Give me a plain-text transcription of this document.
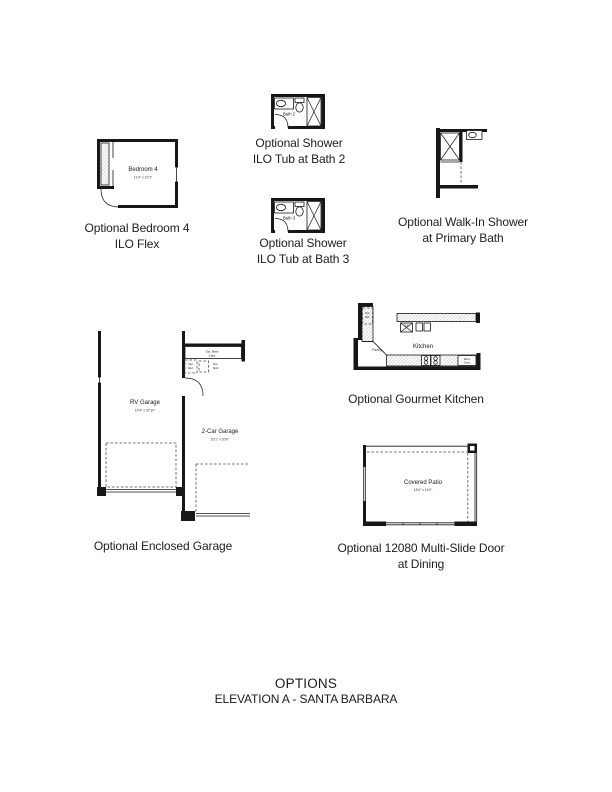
Bedroom 4
11'4" x 10'2"
Optional Bedroom 4
ILO Flex
Bath 2
Optional Shower
ILO Tub at Bath 2
Bath 3
Optional Shower
ILO Tub at Bath 3
Optional Walk-In Shower
at Primary Bath
Opt. Base
Cabs
Opt.
Ref.
Opt.
Sink
RV Garage
14'4" x 37'10"
2-Car Garage
20'1" x 20'0"
Optional Enclosed Garage
Opt.
Ref.
Pantry
Micro
Oven
DW
Kitchen
Optional Gourmet Kitchen
Covered Patio
18'4" x 14'0"
Optional 12080 Multi-Slide Door
at Dining
OPTIONS
ELEVATION A - SANTA BARBARA
